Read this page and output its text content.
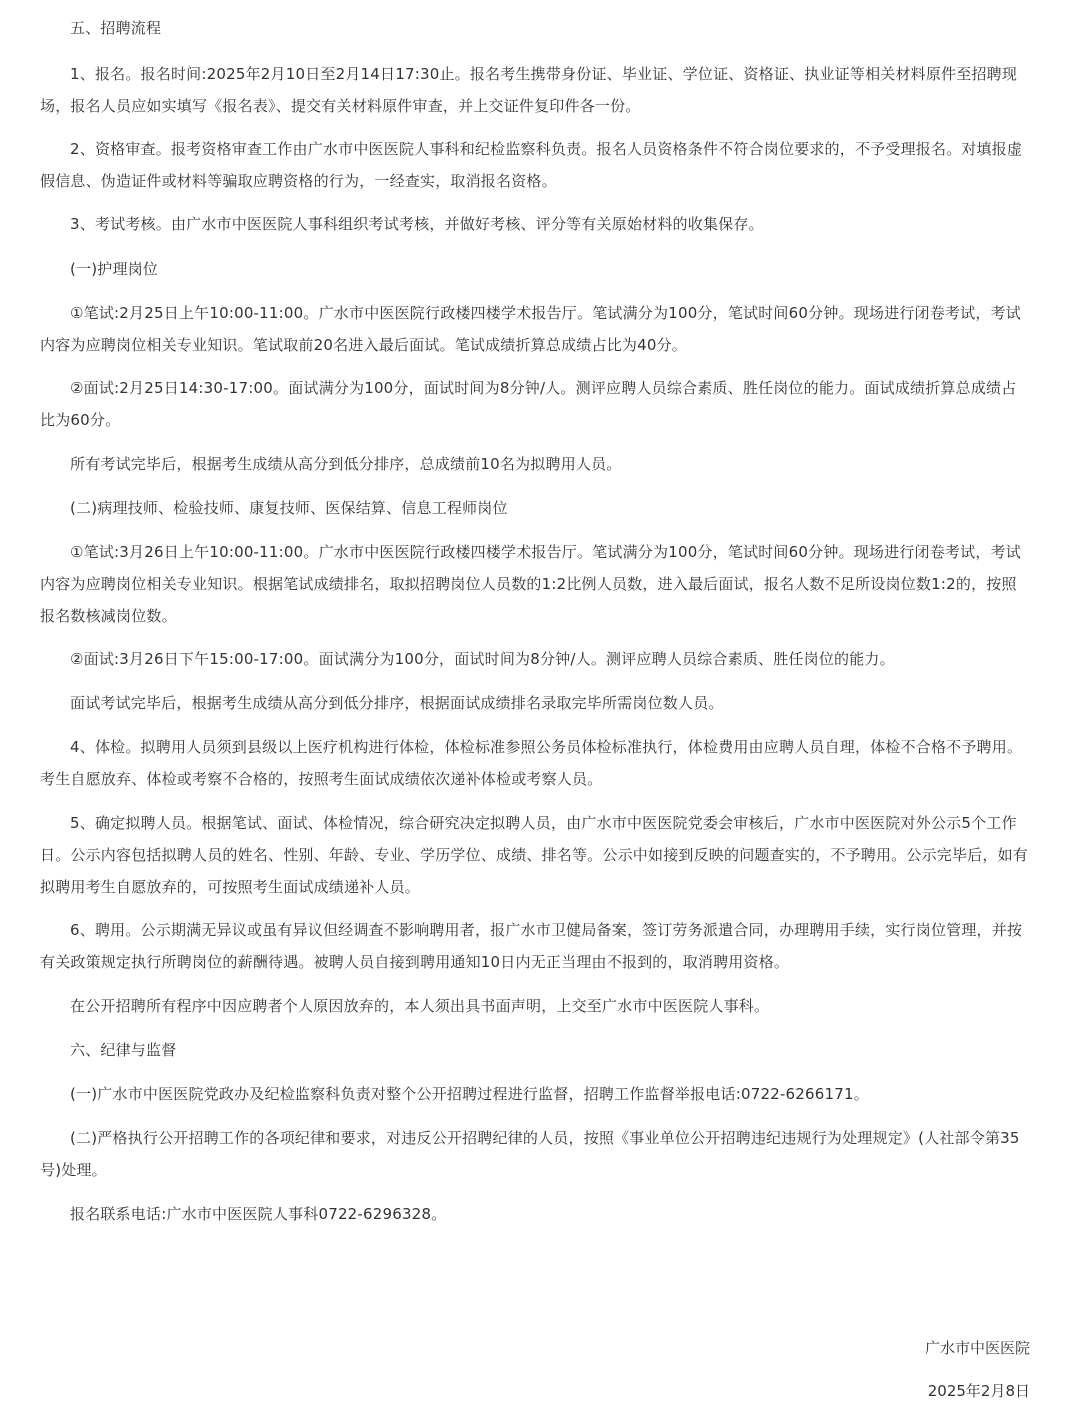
五、招聘流程

1、报名。报名时间:2025年2月10日至2月14日17:30止。报名考生携带身份证、毕业证、学位证、资格证、执业证等相关材料原件至招聘现场，报名人员应如实填写《报名表》、提交有关材料原件审查，并上交证件复印件各一份。

2、资格审查。报考资格审查工作由广水市中医医院人事科和纪检监察科负责。报名人员资格条件不符合岗位要求的，不予受理报名。对填报虚假信息、伪造证件或材料等骗取应聘资格的行为，一经查实，取消报名资格。

3、考试考核。由广水市中医医院人事科组织考试考核，并做好考核、评分等有关原始材料的收集保存。

(一)护理岗位

①笔试:2月25日上午10:00-11:00。广水市中医医院行政楼四楼学术报告厅。笔试满分为100分，笔试时间60分钟。现场进行闭卷考试，考试内容为应聘岗位相关专业知识。笔试取前20名进入最后面试。笔试成绩折算总成绩占比为40分。

②面试:2月25日14:30-17:00。面试满分为100分，面试时间为8分钟/人。测评应聘人员综合素质、胜任岗位的能力。面试成绩折算总成绩占比为60分。

所有考试完毕后，根据考生成绩从高分到低分排序，总成绩前10名为拟聘用人员。

(二)病理技师、检验技师、康复技师、医保结算、信息工程师岗位

①笔试:3月26日上午10:00-11:00。广水市中医医院行政楼四楼学术报告厅。笔试满分为100分，笔试时间60分钟。现场进行闭卷考试，考试内容为应聘岗位相关专业知识。根据笔试成绩排名，取拟招聘岗位人员数的1:2比例人员数，进入最后面试，报名人数不足所设岗位数1:2的，按照报名数核减岗位数。

②面试:3月26日下午15:00-17:00。面试满分为100分，面试时间为8分钟/人。测评应聘人员综合素质、胜任岗位的能力。

面试考试完毕后，根据考生成绩从高分到低分排序，根据面试成绩排名录取完毕所需岗位数人员。

4、体检。拟聘用人员须到县级以上医疗机构进行体检，体检标准参照公务员体检标准执行，体检费用由应聘人员自理，体检不合格不予聘用。考生自愿放弃、体检或考察不合格的，按照考生面试成绩依次递补体检或考察人员。

5、确定拟聘人员。根据笔试、面试、体检情况，综合研究决定拟聘人员，由广水市中医医院党委会审核后，广水市中医医院对外公示5个工作日。公示内容包括拟聘人员的姓名、性别、年龄、专业、学历学位、成绩、排名等。公示中如接到反映的问题查实的，不予聘用。公示完毕后，如有拟聘用考生自愿放弃的，可按照考生面试成绩递补人员。

6、聘用。公示期满无异议或虽有异议但经调查不影响聘用者，报广水市卫健局备案，签订劳务派遣合同，办理聘用手续，实行岗位管理，并按有关政策规定执行所聘岗位的薪酬待遇。被聘人员自接到聘用通知10日内无正当理由不报到的，取消聘用资格。

在公开招聘所有程序中因应聘者个人原因放弃的，本人须出具书面声明，上交至广水市中医医院人事科。

六、纪律与监督

(一)广水市中医医院党政办及纪检监察科负责对整个公开招聘过程进行监督，招聘工作监督举报电话:0722-6266171。

(二)严格执行公开招聘工作的各项纪律和要求，对违反公开招聘纪律的人员，按照《事业单位公开招聘违纪违规行为处理规定》(人社部令第35号)处理。

报名联系电话:广水市中医医院人事科0722-6296328。

广水市中医医院
2025年2月8日
